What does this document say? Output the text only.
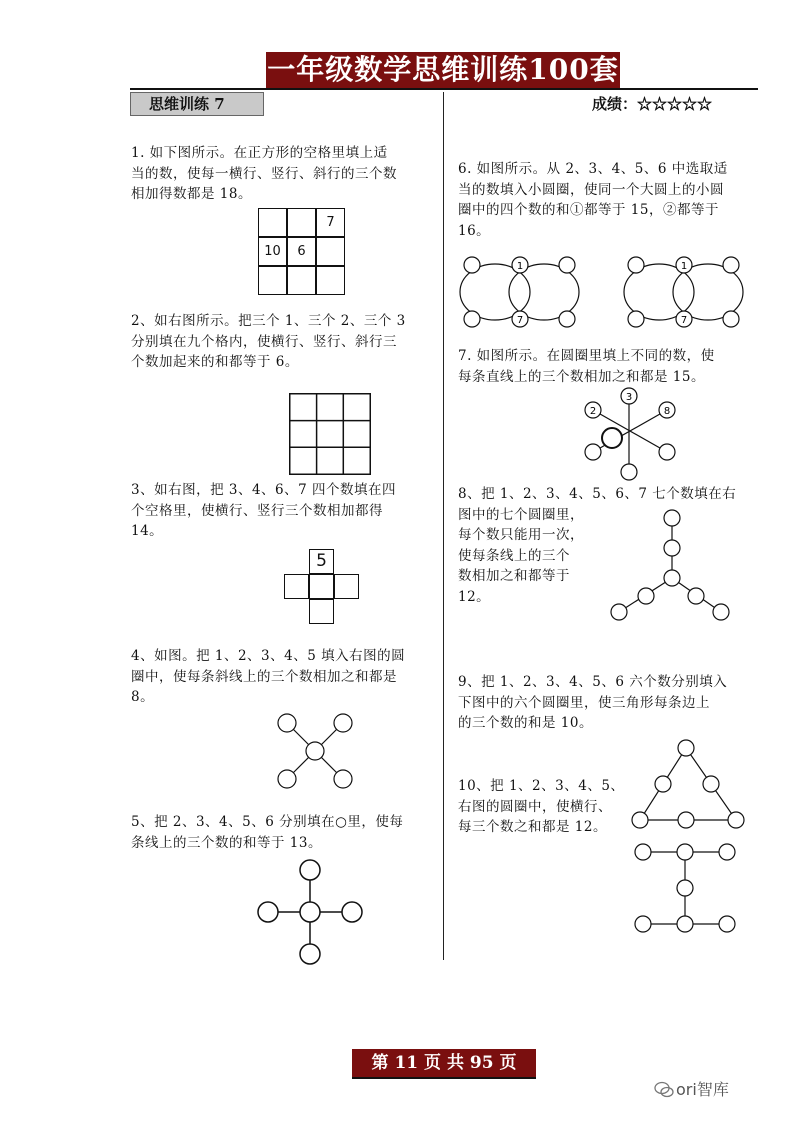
一年级数学思维训练100套
思维训练 7	成绩：☆☆☆☆☆
1. 如下图所示。在正方形的空格里填上适
当的数，使每一横行、竖行、斜行的三个数
相加得数都是 18。
7
10	6
2、如右图所示。把三个 1、三个 2、三个 3
分别填在九个格内，使横行、竖行、斜行三
个数加起来的和都等于 6。
3、如右图，把 3、4、6、7 四个数填在四
个空格里，使横行、竖行三个数相加都得
14。
5
4、如图。把 1、2、3、4、5 填入右图的圆
圈中，使每条斜线上的三个数相加之和都是
8。
5、把 2、3、4、5、6 分别填在○里，使每
条线上的三个数的和等于 13。
6. 如图所示。从 2、3、4、5、6 中选取适
当的数填入小圆圈，使同一个大圆上的小圆
圈中的四个数的和①都等于 15，②都等于
16。
1
7
1
7
7. 如图所示。在圆圈里填上不同的数，使
每条直线上的三个数相加之和都是 15。
2
3
8
8、把 1、2、3、4、5、6、7 七个数填在右
图中的七个圆圈里，
每个数只能用一次，
使每条线上的三个
数相加之和都等于
12。
9、把 1、2、3、4、5、6 六个数分别填入
下图中的六个圆圈里，使三角形每条边上
的三个数的和是 10。
10、把 1、2、3、4、5、
右图的圆圈中，使横行、
每三个数之和都是 12。
第 11 页 共 95 页
ori智库
